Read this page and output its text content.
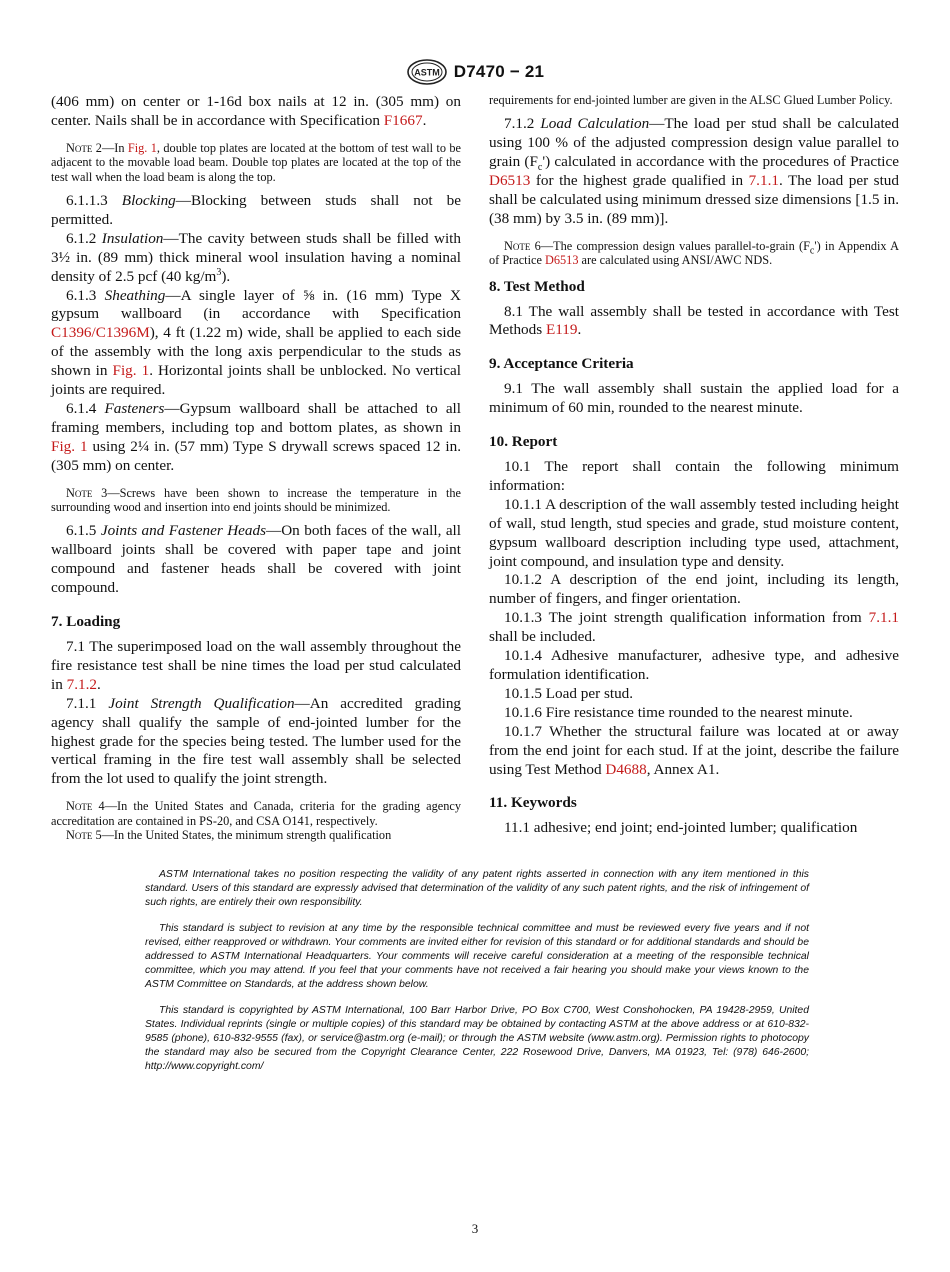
ASTM D7470 − 21

(406 mm) on center or 1-16d box nails at 12 in. (305 mm) on center. Nails shall be in accordance with Specification F1667.

Note 2—In Fig. 1, double top plates are located at the bottom of test wall to be adjacent to the movable load beam. Double top plates are located at the top of the test wall when the load beam is along the top.

6.1.1.3 Blocking—Blocking between studs shall not be permitted.

6.1.2 Insulation—The cavity between studs shall be filled with 3½ in. (89 mm) thick mineral wool insulation having a nominal density of 2.5 pcf (40 $kg/m^3$).

6.1.3 Sheathing—A single layer of ⅝ in. (16 mm) Type X gypsum wallboard (in accordance with Specification C1396/C1396M), 4 ft (1.22 m) wide, shall be applied to each side of the assembly with the long axis perpendicular to the studs as shown in Fig. 1. Horizontal joints shall be unblocked. No vertical joints are required.

6.1.4 Fasteners—Gypsum wallboard shall be attached to all framing members, including top and bottom plates, as shown in Fig. 1 using 2¼ in. (57 mm) Type S drywall screws spaced 12 in. (305 mm) on center.

Note 3—Screws have been shown to increase the temperature in the surrounding wood and insertion into end joints should be minimized.

6.1.5 Joints and Fastener Heads—On both faces of the wall, all wallboard joints shall be covered with paper tape and joint compound and fastener heads shall be covered with joint compound.

7. Loading

7.1 The superimposed load on the wall assembly throughout the fire resistance test shall be nine times the load per stud calculated in 7.1.2.

7.1.1 Joint Strength Qualification—An accredited grading agency shall qualify the sample of end-jointed lumber for the highest grade for the species being tested. The lumber used for the vertical framing in the fire test wall assembly shall be selected from the lot used to qualify the joint strength.

Note 4—In the United States and Canada, criteria for the grading agency accreditation are contained in PS-20, and CSA O141, respectively.

Note 5—In the United States, the minimum strength qualification

requirements for end-jointed lumber are given in the ALSC Glued Lumber Policy.

7.1.2 Load Calculation—The load per stud shall be calculated using 100 % of the adjusted compression design value parallel to grain $(F_c')$ calculated in accordance with the procedures of Practice D6513 for the highest grade qualified in 7.1.1. The load per stud shall be calculated using minimum dressed size dimensions [1.5 in. (38 mm) by 3.5 in. (89 mm)].

Note 6—The compression design values parallel-to-grain $(F_c')$ in Appendix A of Practice D6513 are calculated using ANSI/AWC NDS.

8. Test Method

8.1 The wall assembly shall be tested in accordance with Test Methods E119.

9. Acceptance Criteria

9.1 The wall assembly shall sustain the applied load for a minimum of 60 min, rounded to the nearest minute.

10. Report

10.1 The report shall contain the following minimum information:

10.1.1 A description of the wall assembly tested including height of wall, stud length, stud species and grade, stud moisture content, gypsum wallboard description including type used, attachment, joint compound, and insulation type and density.

10.1.2 A description of the end joint, including its length, number of fingers, and finger orientation.

10.1.3 The joint strength qualification information from 7.1.1 shall be included.

10.1.4 Adhesive manufacturer, adhesive type, and adhesive formulation identification.

10.1.5 Load per stud.

10.1.6 Fire resistance time rounded to the nearest minute.

10.1.7 Whether the structural failure was located at or away from the end joint for each stud. If at the joint, describe the failure using Test Method D4688, Annex A1.

11. Keywords

11.1 adhesive; end joint; end-jointed lumber; qualification

ASTM International takes no position respecting the validity of any patent rights asserted in connection with any item mentioned in this standard. Users of this standard are expressly advised that determination of the validity of any such patent rights, and the risk of infringement of such rights, are entirely their own responsibility.

This standard is subject to revision at any time by the responsible technical committee and must be reviewed every five years and if not revised, either reapproved or withdrawn. Your comments are invited either for revision of this standard or for additional standards and should be addressed to ASTM International Headquarters. Your comments will receive careful consideration at a meeting of the responsible technical committee, which you may attend. If you feel that your comments have not received a fair hearing you should make your views known to the ASTM Committee on Standards, at the address shown below.

This standard is copyrighted by ASTM International, 100 Barr Harbor Drive, PO Box C700, West Conshohocken, PA 19428-2959, United States. Individual reprints (single or multiple copies) of this standard may be obtained by contacting ASTM at the above address or at 610-832-9585 (phone), 610-832-9555 (fax), or service@astm.org (e-mail); or through the ASTM website (www.astm.org). Permission rights to photocopy the standard may also be secured from the Copyright Clearance Center, 222 Rosewood Drive, Danvers, MA 01923, Tel: (978) 646-2600; http://www.copyright.com/

3
